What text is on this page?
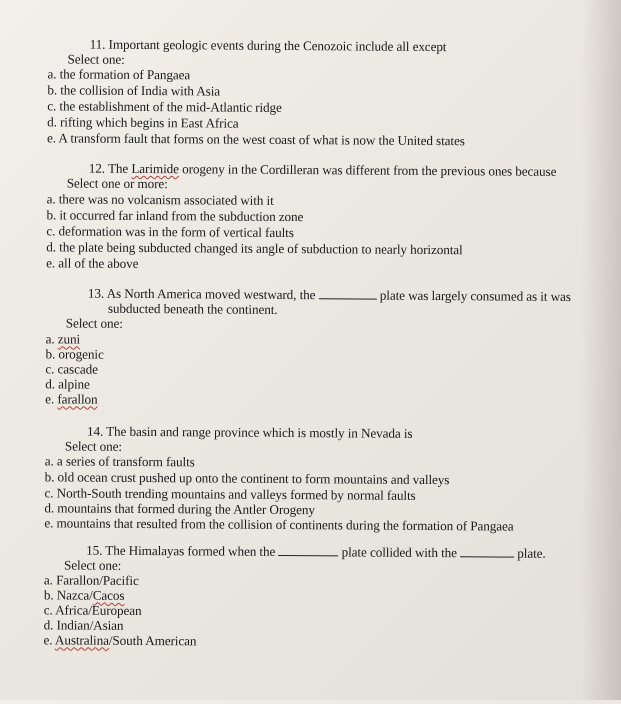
11. Important geologic events during the Cenozoic include all except
Select one:
a. the formation of Pangaea
b. the collision of India with Asia
c. the establishment of the mid-Atlantic ridge
d. rifting which begins in East Africa
e. A transform fault that forms on the west coast of what is now the United states
12. The Larimide orogeny in the Cordilleran was different from the previous ones because
Select one or more:
a. there was no volcanism associated with it
b. it occurred far inland from the subduction zone
c. deformation was in the form of vertical faults
d. the plate being subducted changed its angle of subduction to nearly horizontal
e. all of the above
13. As North America moved westward, the	plate was largely consumed as it was
subducted beneath the continent.
Select one:
a. zuni
b. orogenic
c. cascade
d. alpine
e. farallon
14. The basin and range province which is mostly in Nevada is
Select one:
a. a series of transform faults
b. old ocean crust pushed up onto the continent to form mountains and valleys
c. North-South trending mountains and valleys formed by normal faults
d. mountains that formed during the Antler Orogeny
e. mountains that resulted from the collision of continents during the formation of Pangaea
15. The Himalayas formed when the	plate collided with the	plate.
Select one:
a. Farallon/Pacific
b. Nazca/Cacos
c. Africa/European
d. Indian/Asian
e. Australina/South American
